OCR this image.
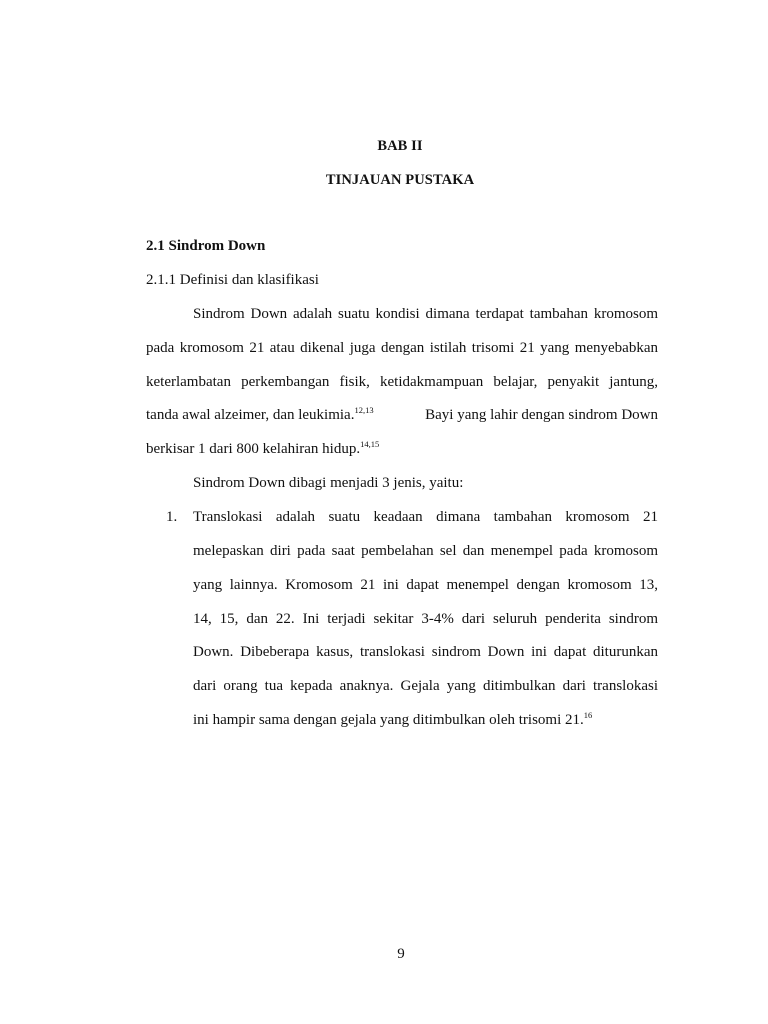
BAB II
TINJAUAN PUSTAKA
2.1 Sindrom Down
2.1.1 Definisi dan klasifikasi
Sindrom Down adalah suatu kondisi dimana terdapat tambahan kromosom
pada kromosom 21 atau dikenal juga dengan istilah trisomi 21 yang menyebabkan
keterlambatan perkembangan fisik, ketidakmampuan belajar, penyakit jantung,
tanda awal alzeimer, dan leukimia.$^{12,13}$	Bayi yang lahir dengan sindrom Down
berkisar 1 dari 800 kelahiran hidup.$^{14,15}$
Sindrom Down dibagi menjadi 3 jenis, yaitu:
1. Translokasi adalah suatu keadaan dimana tambahan kromosom 21
melepaskan diri pada saat pembelahan sel dan menempel pada kromosom
yang lainnya. Kromosom 21 ini dapat menempel dengan kromosom 13,
14, 15, dan 22. Ini terjadi sekitar 3-4% dari seluruh penderita sindrom
Down. Dibeberapa kasus, translokasi sindrom Down ini dapat diturunkan
dari orang tua kepada anaknya. Gejala yang ditimbulkan dari translokasi
ini hampir sama dengan gejala yang ditimbulkan oleh trisomi 21.16
9
